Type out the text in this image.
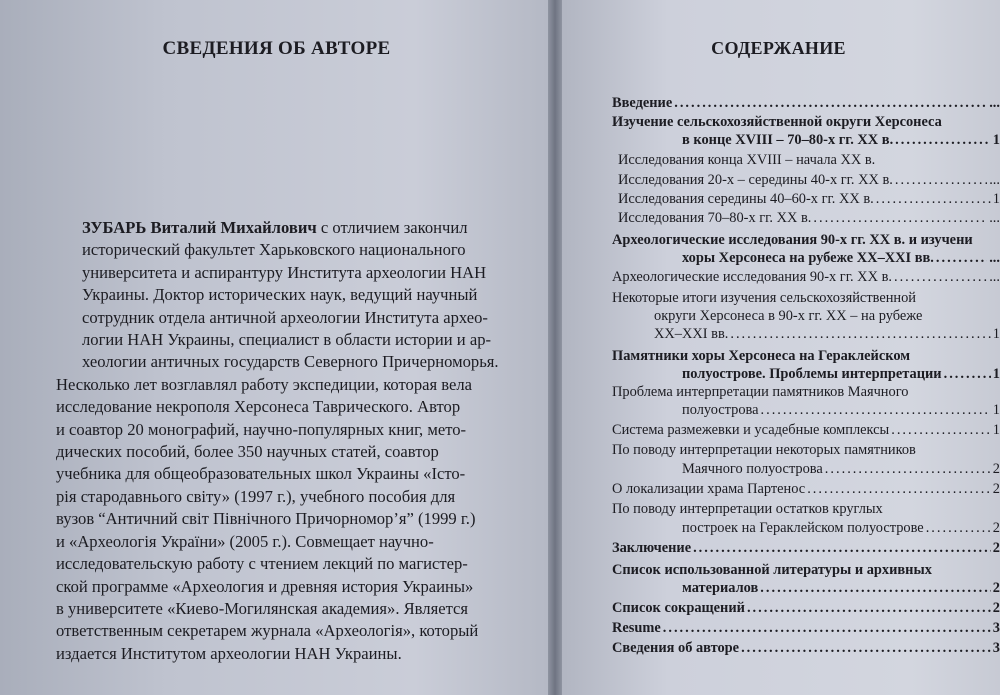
СВЕДЕНИЯ ОБ АВТОРЕ
ЗУБАРЬ Виталий Михайлович с отличием закончил
исторический факультет Харьковского национального
университета и аспирантуру Института археологии НАН
Украины. Доктор исторических наук, ведущий научный
сотрудник отдела античной археологии Института архео-
логии НАН Украины, специалист в области истории и ар-
хеологии античных государств Северного Причерноморья.
Несколько лет возглавлял работу экспедиции, которая вела
исследование некрополя Херсонеса Таврического. Автор
и соавтор 20 монографий, научно-популярных книг, мето-
дических пособий, более 350 научных статей, соавтор
учебника для общеобразовательных школ Украины «Істо-
рія стародавнього світу» (1997 г.), учебного пособия для
вузов “Античний світ Північного Причорномор’я” (1999 г.)
и «Археологія України» (2005 г.). Совмещает научно-
исследовательскую работу с чтением лекций по магистер-
ской программе «Археология и древняя история Украины»
в университете «Киево-Могилянская академия». Является
ответственным секретарем журнала «Археологія», который
издается Институтом археологии НАН Украины.
СОДЕРЖАНИЕ
Введение .....	...
Изучение сельскохозяйственной округи Херсонеса
в конце XVIII – 70–80-х гг. XX в. .....	1
Исследования конца XVIII – начала XX в.
Исследования 20-х – середины 40-х гг. XX в. .....	...
Исследования середины 40–60-х гг. XX в. .....	1
Исследования 70–80-х гг. XX в. .....	...
Археологические исследования 90-х гг. XX в. и изучени
хоры Херсонеса на рубеже XX–XXI вв. .....	...
Археологические исследования 90-х гг. XX в. .....	...
Некоторые итоги изучения сельскохозяйственной
округи Херсонеса в 90-х гг. XX – на рубеже
XX–XXI вв. .....	1
Памятники хоры Херсонеса на Гераклейском
полуострове. Проблемы интерпретации .....	1
Проблема интерпретации памятников Маячного
полуострова .....	1
Система размежевки и усадебные комплексы .....	1
По поводу интерпретации некоторых памятников
Маячного полуострова .....	2
О локализации храма Партенос .....	2
По поводу интерпретации остатков круглых
построек на Гераклейском полуострове .....	2
Заключение .....	2
Список использованной литературы и архивных
материалов .....	2
Список сокращений .....	2
Resume .....	3
Сведения об авторе .....	3
